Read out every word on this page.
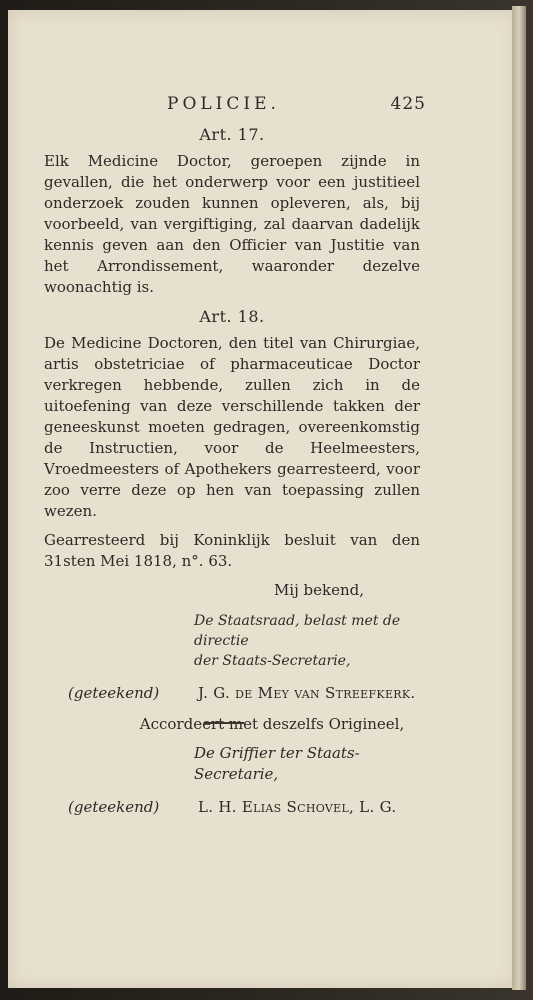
POLICIE.	425
Art. 17.

Elk Medicine Doctor, geroepen zijnde in gevallen, die het onderwerp voor een justitieel onderzoek zouden kunnen opleveren, als, bij voorbeeld, van vergiftiging, zal daarvan dadelijk kennis geven aan den Officier van Justitie van het Arrondissement, waaronder dezelve woonachtig is.

Art. 18.

De Medicine Doctoren, den titel van Chirurgiae, artis obstetriciae of pharmaceuticae Doctor verkregen hebbende, zullen zich in de uitoefening van deze verschillende takken der geneeskunst moeten gedragen, overeenkomstig de Instructien, voor de Heelmeesters, Vroedmeesters of Apothekers gearresteerd, voor zoo verre deze op hen van toepassing zullen wezen.

Gearresteerd bij Koninklijk besluit van den 31sten Mei 1818, n°. 63.

Mij bekend,
De Staatsraad, belast met de directie
der Staats-Secretarie,
(geteekend)	J. G. de Mey van Streefkerk.
Accordeert met deszelfs Origineel,
De Griffier ter Staats-Secretarie,
(geteekend)	L. H. Elias Schovel, L. G.
